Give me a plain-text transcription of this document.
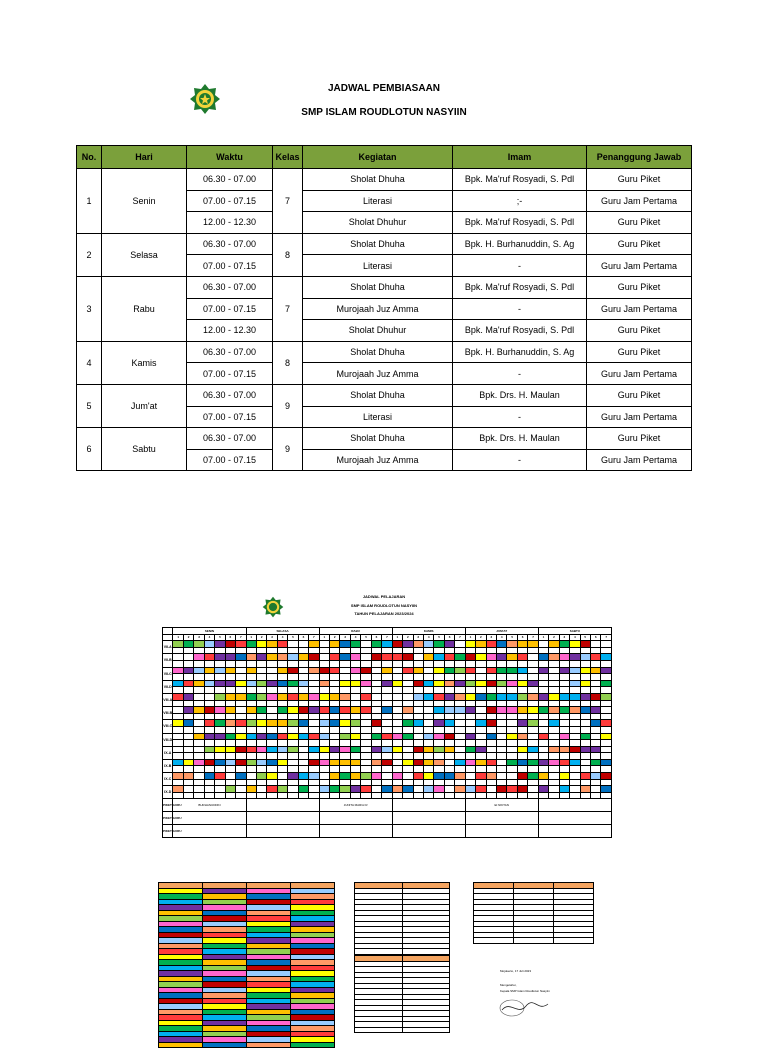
JADWAL PEMBIASAAN
SMP ISLAM ROUDLOTUN NASYIIN
No.	Hari	Waktu	Kelas	Kegiatan	Imam	Penanggung Jawab
1	Senin	06.30 - 07.00	7	Sholat Dhuha	Bpk. Ma'ruf Rosyadi, S. Pdl	Guru Piket
		07.00 - 07.15		Literasi	;-	Guru Jam Pertama
		12.00 - 12.30		Sholat Dhuhur	Bpk. Ma'ruf Rosyadi, S. Pdl	Guru Piket
2	Selasa	06.30 - 07.00	8	Sholat Dhuha	Bpk. H. Burhanuddin, S. Ag	Guru Piket
		07.00 - 07.15		Literasi	-	Guru Jam Pertama
3	Rabu	06.30 - 07.00	7	Sholat Dhuha	Bpk. Ma'ruf Rosyadi, S. Pdl	Guru Piket
		07.00 - 07.15		Murojaah Juz Amma	-	Guru Jam Pertama
		12.00 - 12.30		Sholat Dhuhur	Bpk. Ma'ruf Rosyadi, S. Pdl	Guru Piket
4	Kamis	06.30 - 07.00	8	Sholat Dhuha	Bpk. H. Burhanuddin, S. Ag	Guru Piket
		07.00 - 07.15		Murojaah Juz Amma	-	Guru Jam Pertama
5	Jum'at	06.30 - 07.00	9	Sholat Dhuha	Bpk. Drs. H. Maulan	Guru Piket
		07.00 - 07.15		Literasi	-	Guru Jam Pertama
6	Sabtu	06.30 - 07.00	9	Sholat Dhuha	Bpk. Drs. H. Maulan	Guru Piket
		07.00 - 07.15		Murojaah Juz Amma	-	Guru Jam Pertama
JADWAL PELAJARAN
SMP ISLAM ROUDLOTUN NASYIIN
TAHUN PELAJARAN 2023/2024
	SENIN							SELASA							RABU							KAMIS							JUM'AT							SABTU						
	1	2	3	4	5	6	7	1	2	3	4	5	6	7	1	2	3	4	5	6	7	1	2	3	4	5	6	7	1	2	3	4	5	6	7	1	2	3	4	5	6	7
VII-A																																										

VII-B																																										

VII-C																																										

VII-D																																										

VIII-A																																										

VIII-B																																										

VIII-C																																										

VIII-D																																										

IX-A																																										

IX-B																																										

IX-C																																										

IX-D																																										

PIKET GURU	BURHANUDDIN														JUNITA MARGI R														EI NIKTAN													
PIKET GURU																																										
PIKET GURU																																										

Mojokerto, 17 Juli 2023
Mengetahui,
Kepala SMP Islam Roudlotun Nasyiin
